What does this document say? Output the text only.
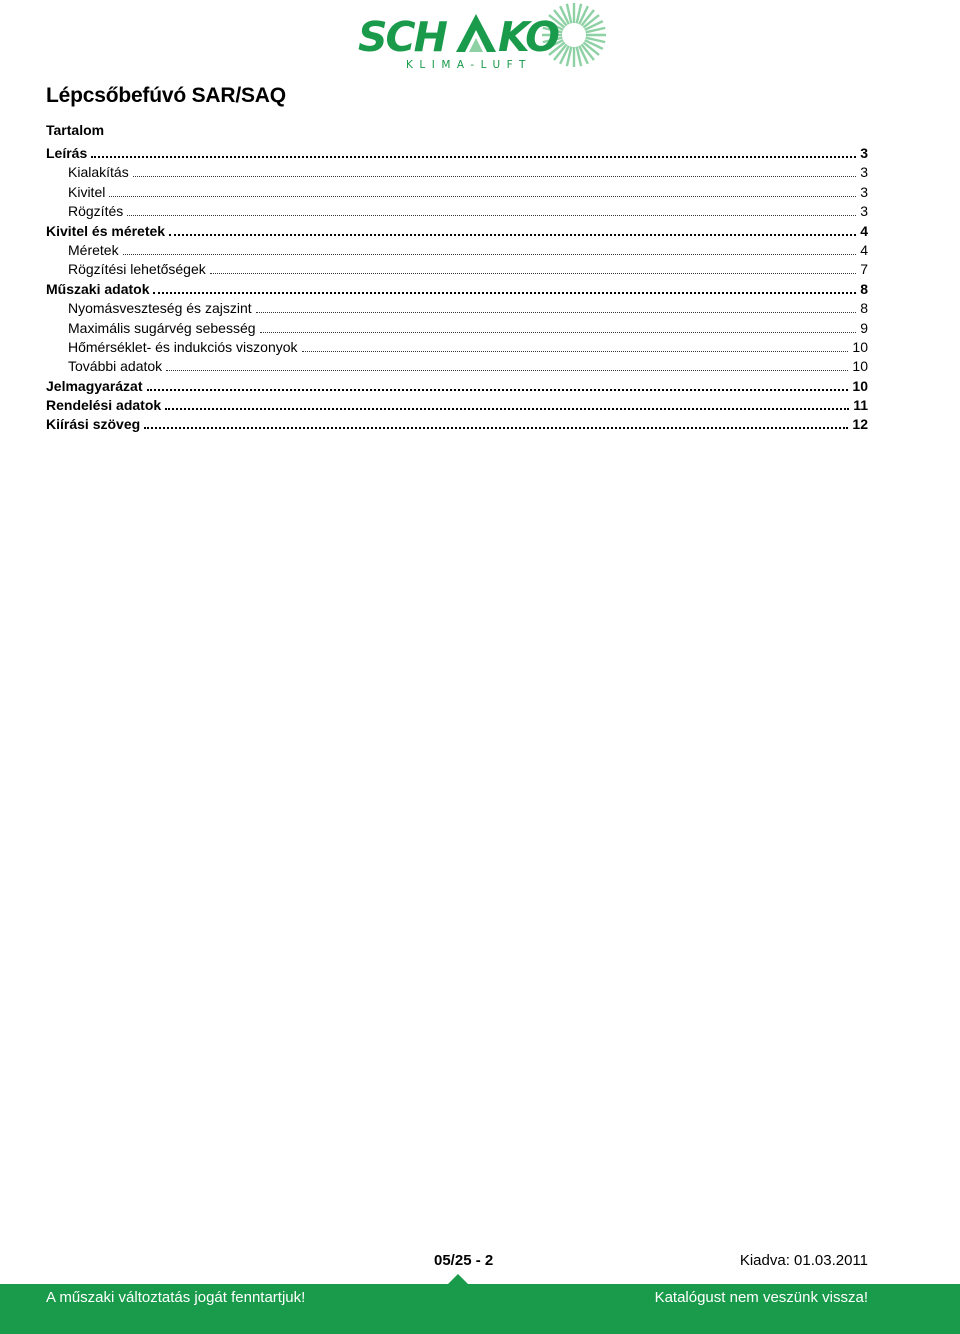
SCH KO
KLIMA-LUFT
Lépcsőbefúvó SAR/SAQ
Tartalom
Leírás	3
Kialakítás	3
Kivitel	3
Rögzítés	3
Kivitel és méretek	4
Méretek	4
Rögzítési lehetőségek	7
Műszaki adatok	8
Nyomásveszteség és zajszint	8
Maximális sugárvég sebesség	9
Hőmérséklet- és indukciós viszonyok	10
További adatok	10
Jelmagyarázat	10
Rendelési adatok	11
Kiírási szöveg	12
05/25 - 2	Kiadva: 01.03.2011
A műszaki változtatás jogát fenntartjuk!	Katalógust nem veszünk vissza!
